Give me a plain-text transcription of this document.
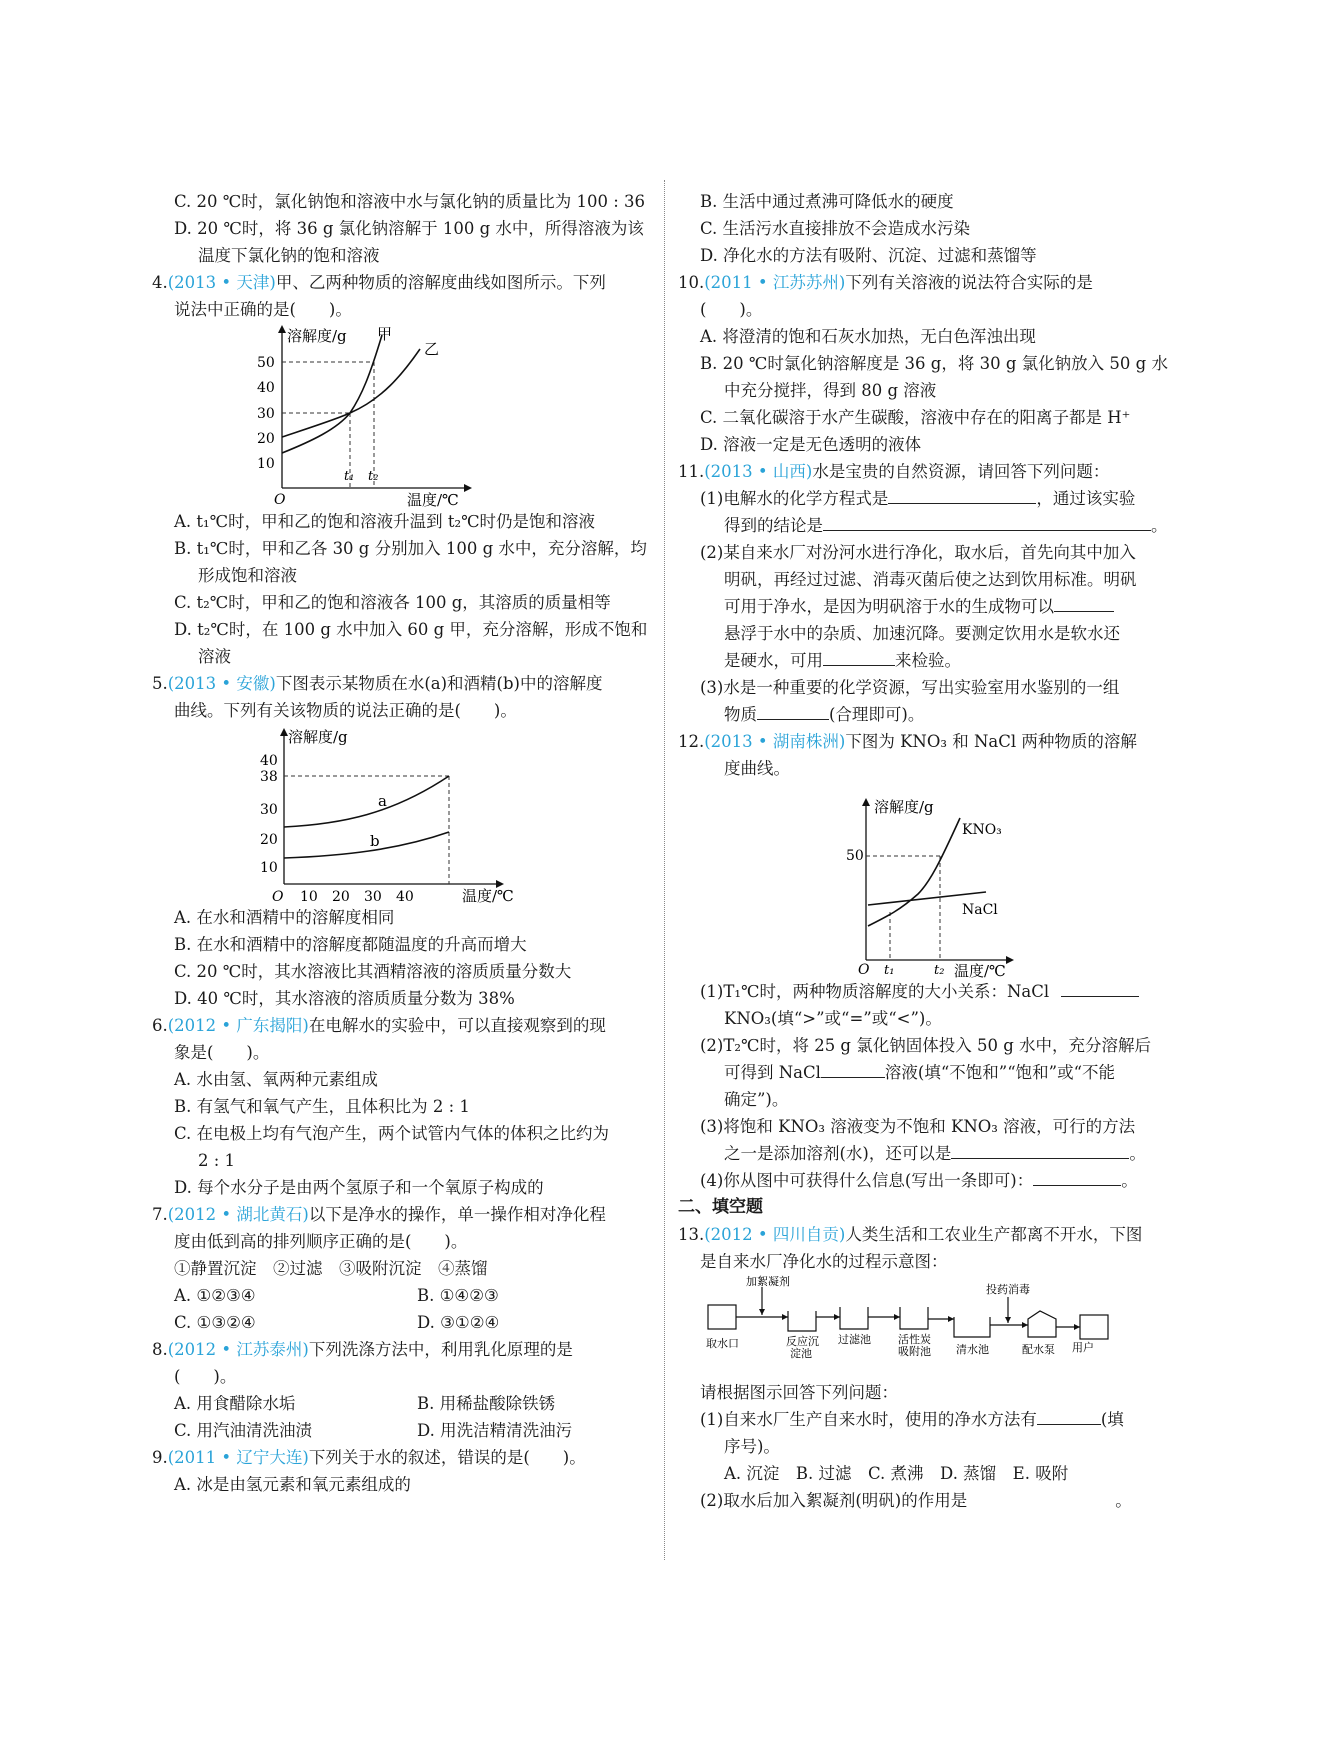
C. 20 ℃时，氯化钠饱和溶液中水与氯化钠的质量比为 100 : 36
D. 20 ℃时，将 36 g 氯化钠溶解于 100 g 水中，所得溶液为该
温度下氯化钠的饱和溶液
4.(2013 • 天津)甲、乙两种物质的溶解度曲线如图所示。下列
说法中正确的是(　　)。
溶解度/g
温度/℃
O
50
40
30
20
10
甲
乙
t₁ t₂
A. t₁℃时，甲和乙的饱和溶液升温到 t₂℃时仍是饱和溶液
B. t₁℃时，甲和乙各 30 g 分别加入 100 g 水中，充分溶解，均
形成饱和溶液
C. t₂℃时，甲和乙的饱和溶液各 100 g，其溶质的质量相等
D. t₂℃时，在 100 g 水中加入 60 g 甲，充分溶解，形成不饱和
溶液
5.(2013 • 安徽)下图表示某物质在水(a)和酒精(b)中的溶解度
曲线。下列有关该物质的说法正确的是(　　)。
溶解度/g
温度/℃
O
40
38
30
20
10
a
b
10 20 30 40
A. 在水和酒精中的溶解度相同
B. 在水和酒精中的溶解度都随温度的升高而增大
C. 20 ℃时，其水溶液比其酒精溶液的溶质质量分数大
D. 40 ℃时，其水溶液的溶质质量分数为 38%
6.(2012 • 广东揭阳)在电解水的实验中，可以直接观察到的现
象是(　　)。
A. 水由氢、氧两种元素组成
B. 有氢气和氧气产生，且体积比为 2 : 1
C. 在电极上均有气泡产生，两个试管内气体的体积之比约为
2 : 1
D. 每个水分子是由两个氢原子和一个氧原子构成的
7.(2012 • 湖北黄石)以下是净水的操作，单一操作相对净化程
度由低到高的排列顺序正确的是(　　)。
①静置沉淀　②过滤　③吸附沉淀　④蒸馏
A. ①②③④	B. ①④②③
C. ①③②④	D. ③①②④
8.(2012 • 江苏泰州)下列洗涤方法中，利用乳化原理的是
(　　)。
A. 用食醋除水垢	B. 用稀盐酸除铁锈
C. 用汽油清洗油渍	D. 用洗洁精清洗油污
9.(2011 • 辽宁大连)下列关于水的叙述，错误的是(　　)。
A. 冰是由氢元素和氧元素组成的
B. 生活中通过煮沸可降低水的硬度
C. 生活污水直接排放不会造成水污染
D. 净化水的方法有吸附、沉淀、过滤和蒸馏等
10.(2011 • 江苏苏州)下列有关溶液的说法符合实际的是
(　　)。
A. 将澄清的饱和石灰水加热，无白色浑浊出现
B. 20 ℃时氯化钠溶解度是 36 g，将 30 g 氯化钠放入 50 g 水
中充分搅拌，得到 80 g 溶液
C. 二氧化碳溶于水产生碳酸，溶液中存在的阳离子都是 H⁺
D. 溶液一定是无色透明的液体
11.(2013 • 山西)水是宝贵的自然资源，请回答下列问题：
(1)电解水的化学方程式是	，通过该实验
得到的结论是	。
(2)某自来水厂对汾河水进行净化，取水后，首先向其中加入
明矾，再经过过滤、消毒灭菌后使之达到饮用标准。明矾
可用于净水，是因为明矾溶于水的生成物可以
悬浮于水中的杂质、加速沉降。要测定饮用水是软水还
是硬水，可用	来检验。
(3)水是一种重要的化学资源，写出实验室用水鉴别的一组
物质	(合理即可)。
12.(2013 • 湖南株洲)下图为 KNO₃ 和 NaCl 两种物质的溶解
度曲线。
溶解度/g
温度/℃
O
50
KNO₃
NaCl
t₁	t₂
(1)T₁℃时，两种物质溶解度的大小关系：NaCl
KNO₃(填“>”或“=”或“<”)。
(2)T₂℃时，将 25 g 氯化钠固体投入 50 g 水中，充分溶解后
可得到 NaCl	溶液(填“不饱和”“饱和”或“不能
确定”)。
(3)将饱和 KNO₃ 溶液变为不饱和 KNO₃ 溶液，可行的方法
之一是添加溶剂(水)，还可以是	。
(4)你从图中可获得什么信息(写出一条即可)：	。
二、填空题
13.(2012 • 四川自贡)人类生活和工农业生产都离不开水，下图
是自来水厂净化水的过程示意图：
取水口
加絮凝剂
反应沉
淀池
过滤池 活性炭
吸附池 清水池
投药消毒
配水泵 用户
请根据图示回答下列问题：
(1)自来水厂生产自来水时，使用的净水方法有	(填
序号)。
A. 沉淀　B. 过滤　C. 煮沸　D. 蒸馏　E. 吸附
(2)取水后加入絮凝剂(明矾)的作用是	。
